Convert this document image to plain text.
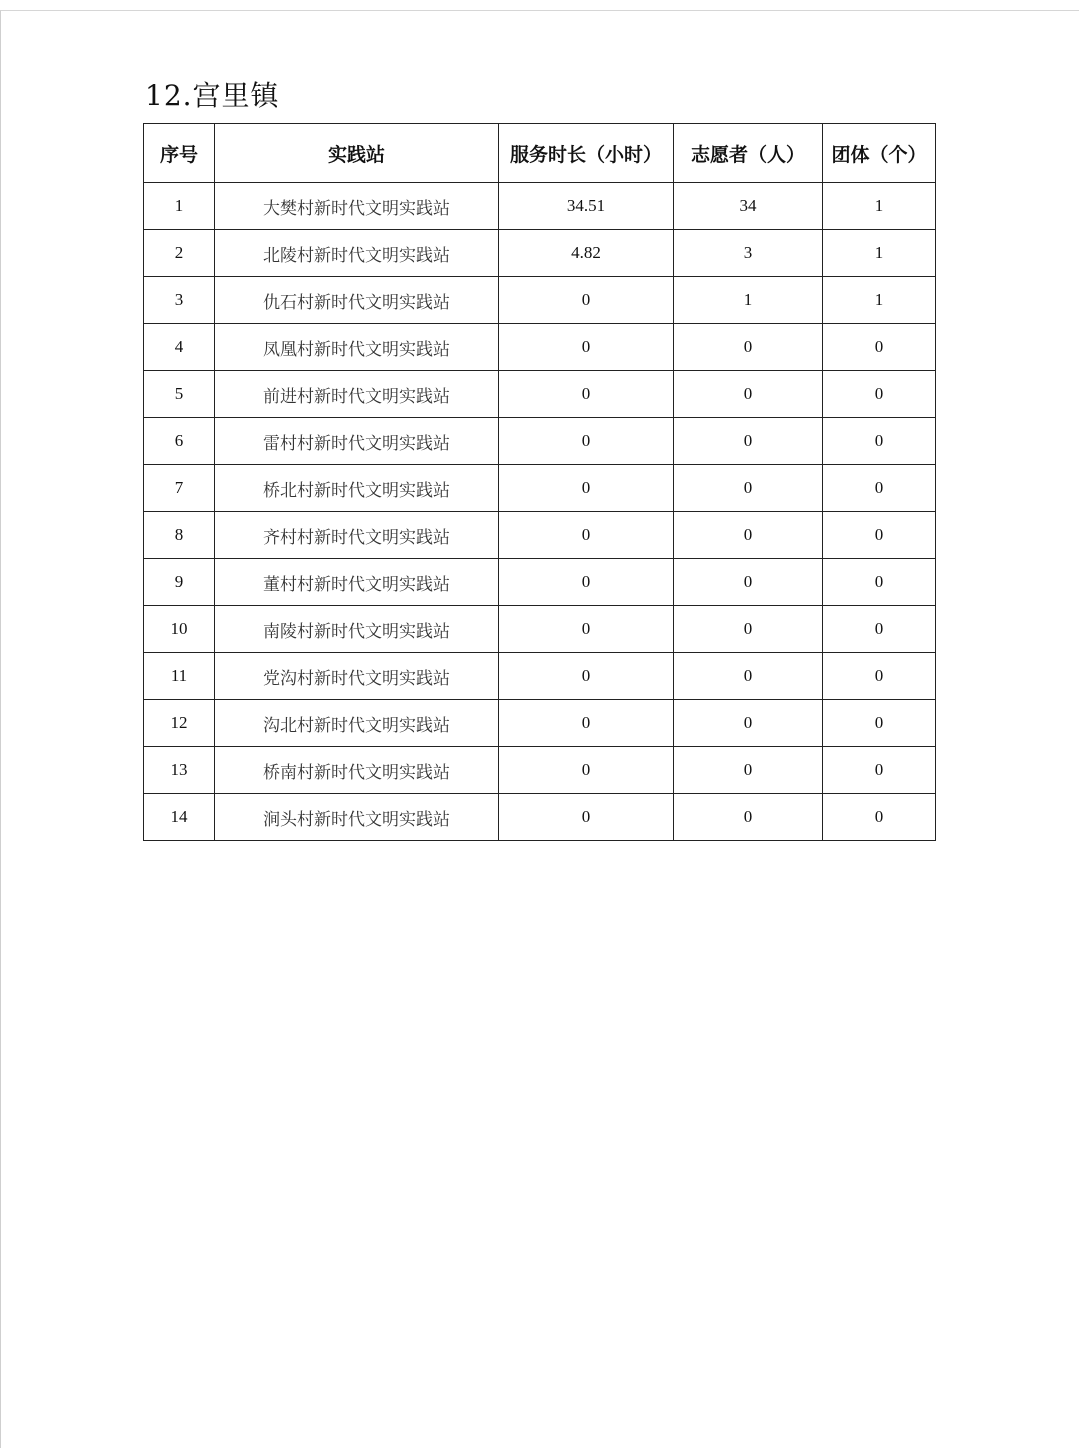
12.宫里镇
序号	实践站	服务时长（小时）	志愿者（人）	团体（个）
1	大樊村新时代文明实践站	34.51	34	1
2	北陵村新时代文明实践站	4.82	3	1
3	仇石村新时代文明实践站	0	1	1
4	凤凰村新时代文明实践站	0	0	0
5	前进村新时代文明实践站	0	0	0
6	雷村村新时代文明实践站	0	0	0
7	桥北村新时代文明实践站	0	0	0
8	齐村村新时代文明实践站	0	0	0
9	董村村新时代文明实践站	0	0	0
10	南陵村新时代文明实践站	0	0	0
11	党沟村新时代文明实践站	0	0	0
12	沟北村新时代文明实践站	0	0	0
13	桥南村新时代文明实践站	0	0	0
14	涧头村新时代文明实践站	0	0	0
